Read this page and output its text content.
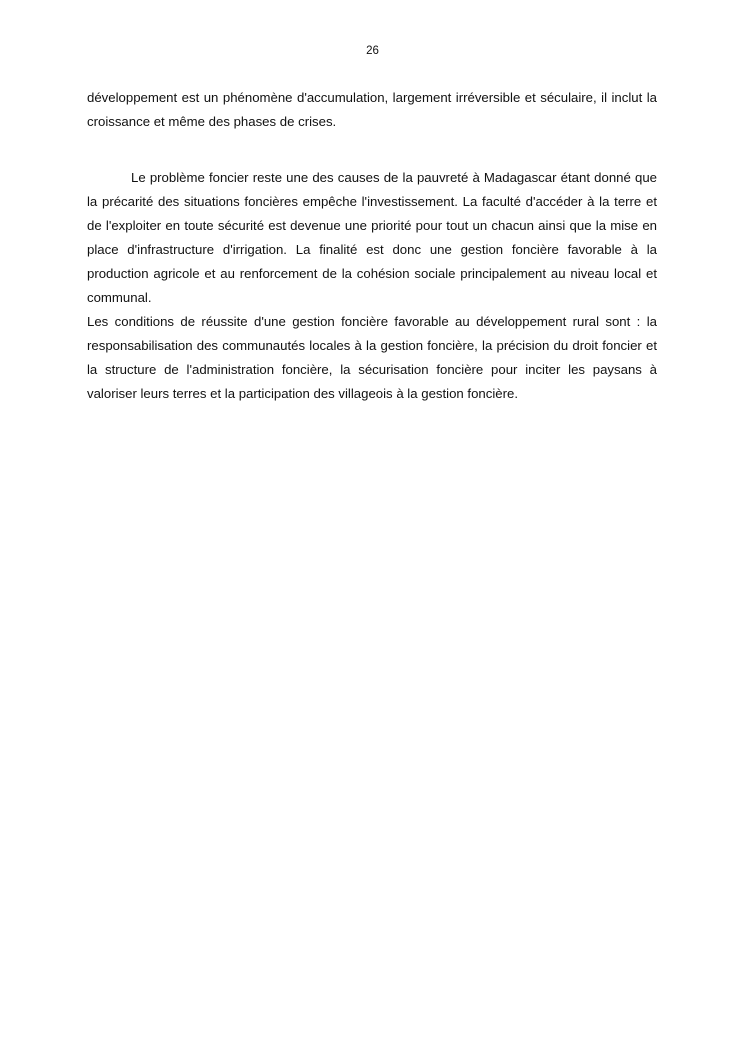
26

développement est un phénomène d'accumulation, largement irréversible et séculaire, il inclut la croissance et même des phases de crises.

Le problème foncier reste une des causes de la pauvreté à Madagascar étant donné que la précarité des situations foncières empêche l'investissement. La faculté d'accéder à la terre et de l'exploiter en toute sécurité est devenue une priorité pour tout un chacun ainsi que la mise en place d'infrastructure d'irrigation. La finalité est donc une gestion foncière favorable à la production agricole et au renforcement de la cohésion sociale principalement au niveau local et communal.

Les conditions de réussite d'une gestion foncière favorable au développement rural sont : la responsabilisation des communautés locales à la gestion foncière, la précision du droit foncier et la structure de l'administration foncière, la sécurisation foncière pour inciter les paysans à valoriser leurs terres et la participation des villageois à la gestion foncière.
